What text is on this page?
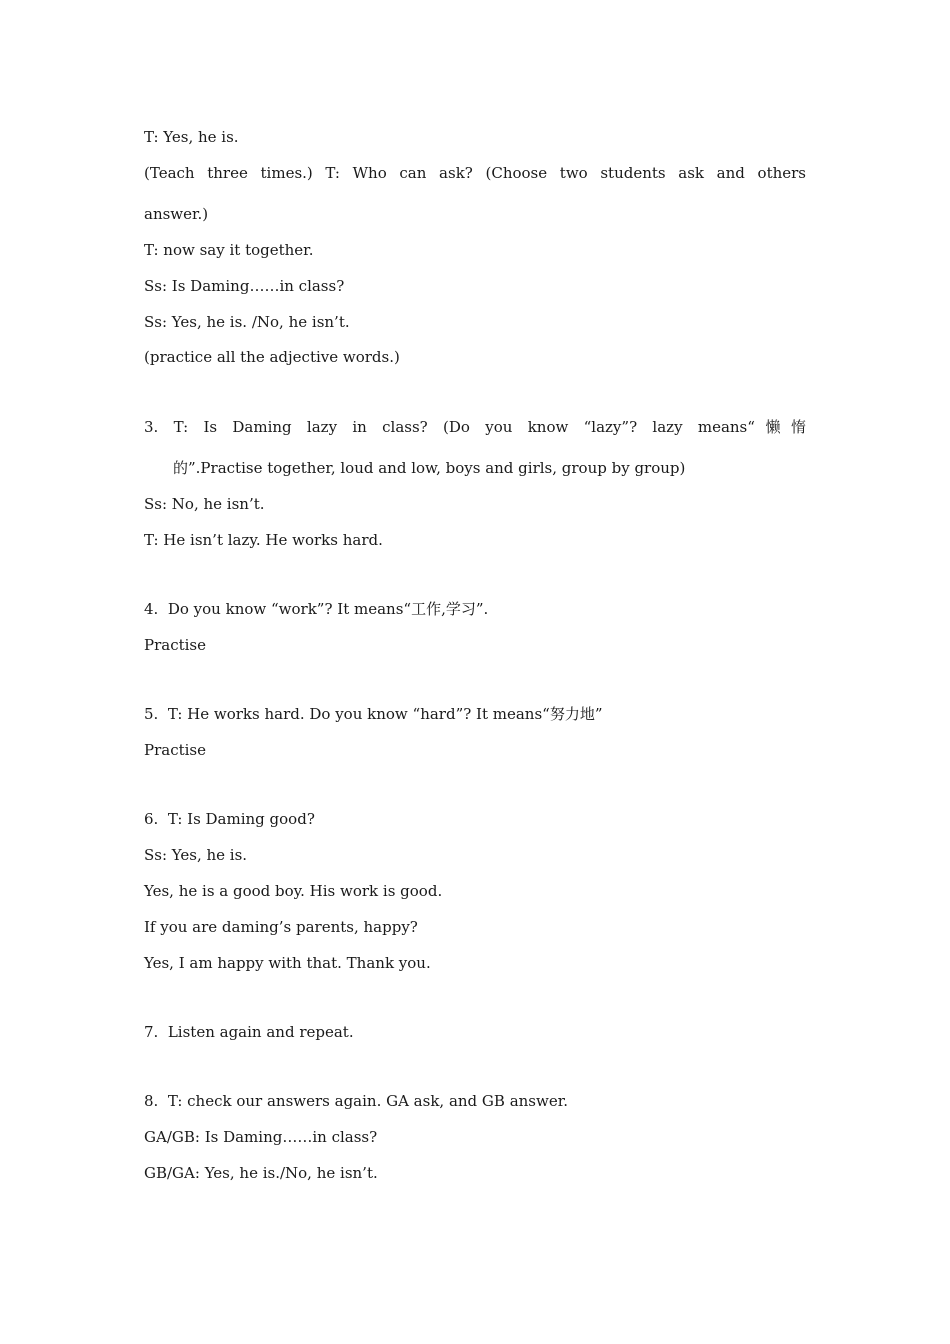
T: Yes, he is.
(Teach three times.) T: Who can ask? (Choose two students ask and others
answer.)
T: now say it together.
Ss: Is Daming……in class?
Ss: Yes, he is. /No, he isn’t.
(practice all the adjective words.)
3. T: Is Daming lazy in class? (Do you know “lazy”? lazy means“懒惰
的”.Practise together, loud and low, boys and girls, group by group)
Ss: No, he isn’t.
T: He isn’t lazy. He works hard.
4.  Do you know “work”? It means“工作,学习”.
Practise
5.  T: He works hard. Do you know “hard”? It means“努力地”
Practise
6.  T: Is Daming good?
Ss: Yes, he is.
Yes, he is a good boy. His work is good.
If you are daming’s parents, happy?
Yes, I am happy with that. Thank you.
7.  Listen again and repeat.
8.  T: check our answers again. GA ask, and GB answer.
GA/GB: Is Daming……in class?
GB/GA: Yes, he is./No, he isn’t.
